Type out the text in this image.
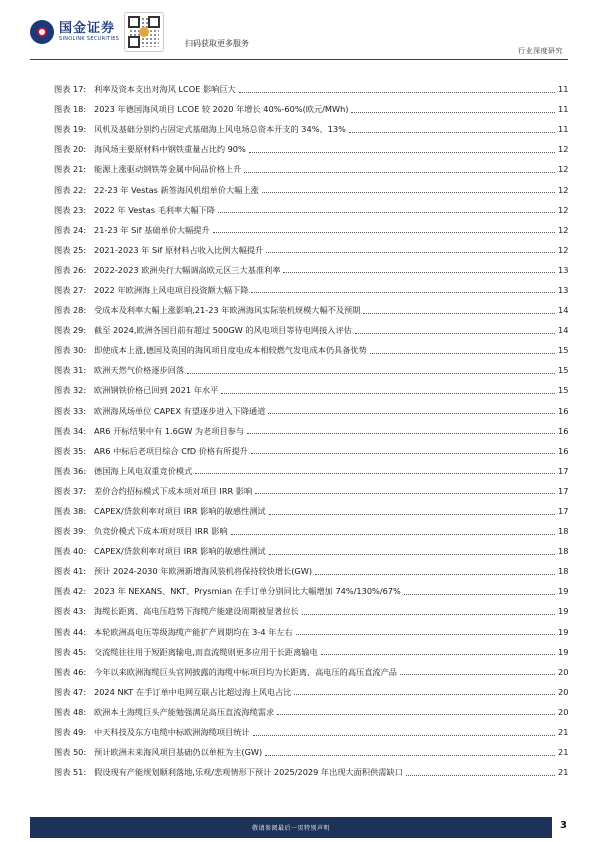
国金证券
SINOLINK SECURITIES
扫码获取更多服务
行业深度研究
图表 17: 利率及资本支出对海风 LCOE 影响巨大	11
图表 18: 2023 年德国海风项目 LCOE 较 2020 年增长 40%-60%(欧元/MWh)	11
图表 19: 风机及基础分别约占固定式基础海上风电场总资本开支的 34%、13%	11
图表 20: 海风场主要原材料中钢铁重量占比约 90%	12
图表 21: 能源上涨驱动钢铁等金属中间品价格上升	12
图表 22: 22-23 年 Vestas 新签海风机组单价大幅上涨	12
图表 23: 2022 年 Vestas 毛利率大幅下降	12
图表 24: 21-23 年 Sif 基础单价大幅提升	12
图表 25: 2021-2023 年 Sif 原材料占收入比例大幅提升	12
图表 26: 2022-2023 欧洲央行大幅调高欧元区三大基准利率	13
图表 27: 2022 年欧洲海上风电项目投资额大幅下降	13
图表 28: 受成本及利率大幅上涨影响,21-23 年欧洲海风实际装机规模大幅不及预期	14
图表 29: 截至 2024,欧洲各国目前有超过 500GW 的风电项目等待电网接入评估	14
图表 30: 即使成本上涨,德国及英国的海风项目度电成本相较燃气发电成本仍具备优势	15
图表 31: 欧洲天然气价格逐步回落	15
图表 32: 欧洲钢铁价格已回到 2021 年水平	15
图表 33: 欧洲海风场单位 CAPEX 有望逐步进入下降通道	16
图表 34: AR6 开标结果中有 1.6GW 为老项目参与	16
图表 35: AR6 中标后老项目综合 CfD 价格有所提升	16
图表 36: 德国海上风电双重竞价模式	17
图表 37: 差价合约招标模式下成本项对项目 IRR 影响	17
图表 38: CAPEX/贷款利率对项目 IRR 影响的敏感性测试	17
图表 39: 负竞价模式下成本项对项目 IRR 影响	18
图表 40: CAPEX/贷款利率对项目 IRR 影响的敏感性测试	18
图表 41: 预计 2024-2030 年欧洲新增海风装机将保持较快增长(GW)	18
图表 42: 2023 年 NEXANS、NKT、Prysmian 在手订单分别同比大幅增加 74%/130%/67%	19
图表 43: 海缆长距离、高电压趋势下海缆产能建设周期被显著拉长	19
图表 44: 本轮欧洲高电压等级海缆产能扩产周期均在 3-4 年左右	19
图表 45: 交流缆往往用于短距离输电,而直流缆则更多应用于长距离输电	19
图表 46: 今年以来欧洲海缆巨头官网披露的海缆中标项目均为长距离、高电压的高压直流产品	20
图表 47: 2024 NKT 在手订单中电网互联占比超过海上风电占比	20
图表 48: 欧洲本土海缆巨头产能勉强满足高压直流海缆需求	20
图表 49: 中天科技及东方电缆中标欧洲海缆项目统计	21
图表 50: 预计欧洲未来海风项目基础仍以单桩为主(GW)	21
图表 51: 假设现有产能规划顺利落地,乐观/悲观情形下预计 2025/2029 年出现大面积供需缺口	21
敬请参阅最后一页特别声明	3
